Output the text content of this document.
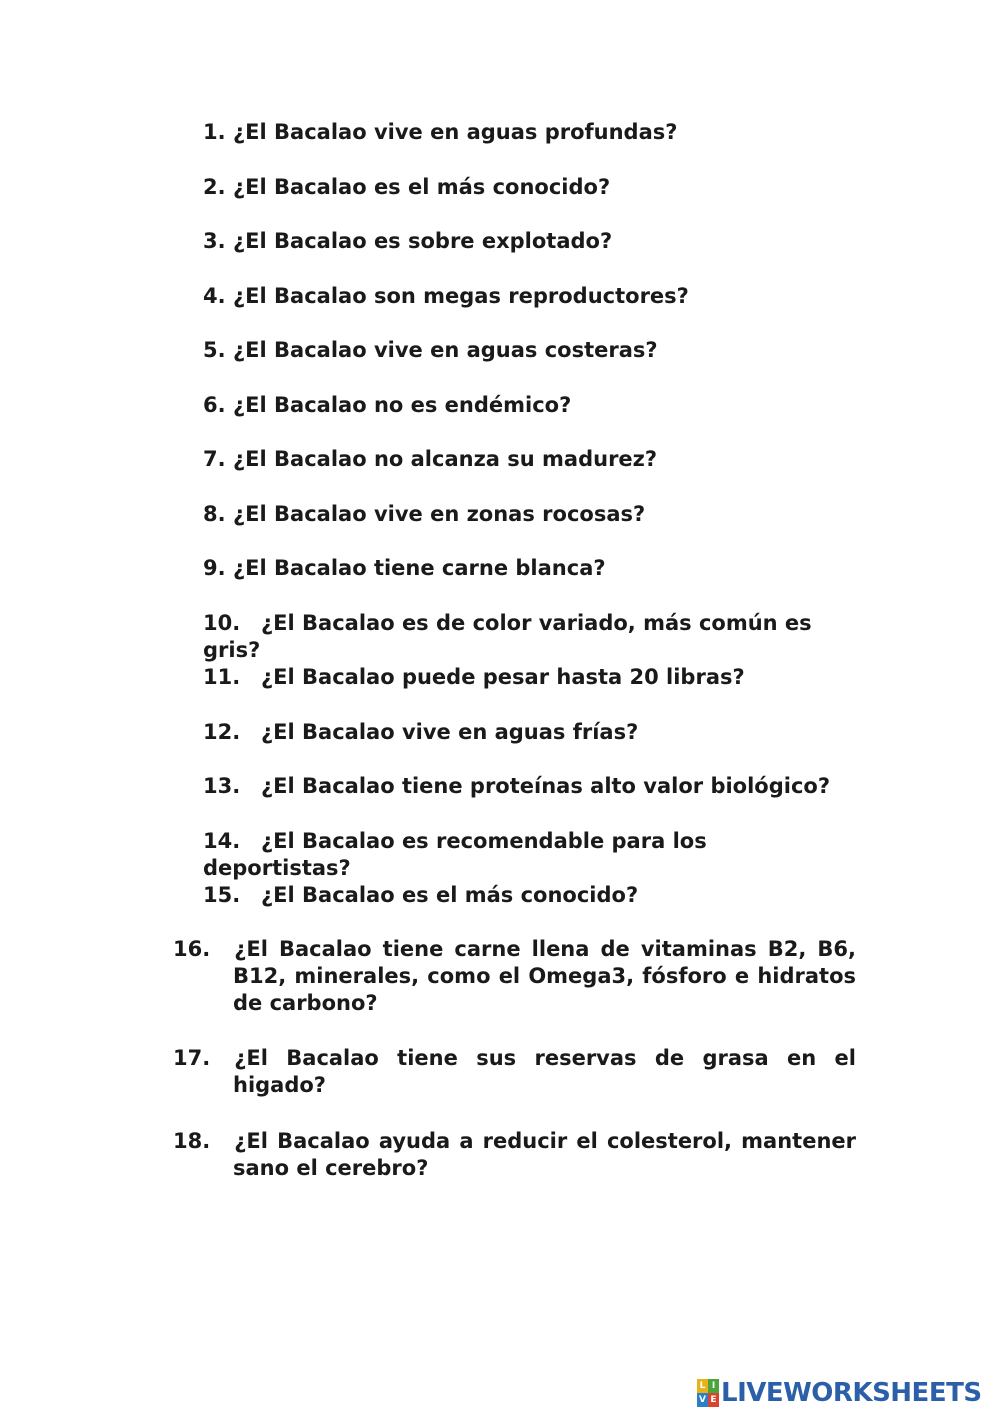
1. ¿El Bacalao vive en aguas profundas?

2. ¿El Bacalao es el más conocido?

3. ¿El Bacalao es sobre explotado?

4. ¿El Bacalao son megas reproductores?

5. ¿El Bacalao vive en aguas costeras?

6. ¿El Bacalao no es endémico?

7. ¿El Bacalao no alcanza su madurez?

8. ¿El Bacalao vive en zonas rocosas?

9. ¿El Bacalao tiene carne blanca?

10. ¿El Bacalao es de color variado, más común es gris?

11. ¿El Bacalao puede pesar hasta 20 libras?

12. ¿El Bacalao vive en aguas frías?

13. ¿El Bacalao tiene proteínas alto valor biológico?

14. ¿El Bacalao es recomendable para los deportistas?

15. ¿El Bacalao es el más conocido?

16. ¿El Bacalao tiene carne llena de vitaminas B2, B6, B12, minerales, como el Omega3, fósforo e hidratos de carbono?

17. ¿El Bacalao tiene sus reservas de grasa en el higado?

18. ¿El Bacalao ayuda a reducir el colesterol, mantener sano el cerebro?

L I
V E LIVEWORKSHEETS
